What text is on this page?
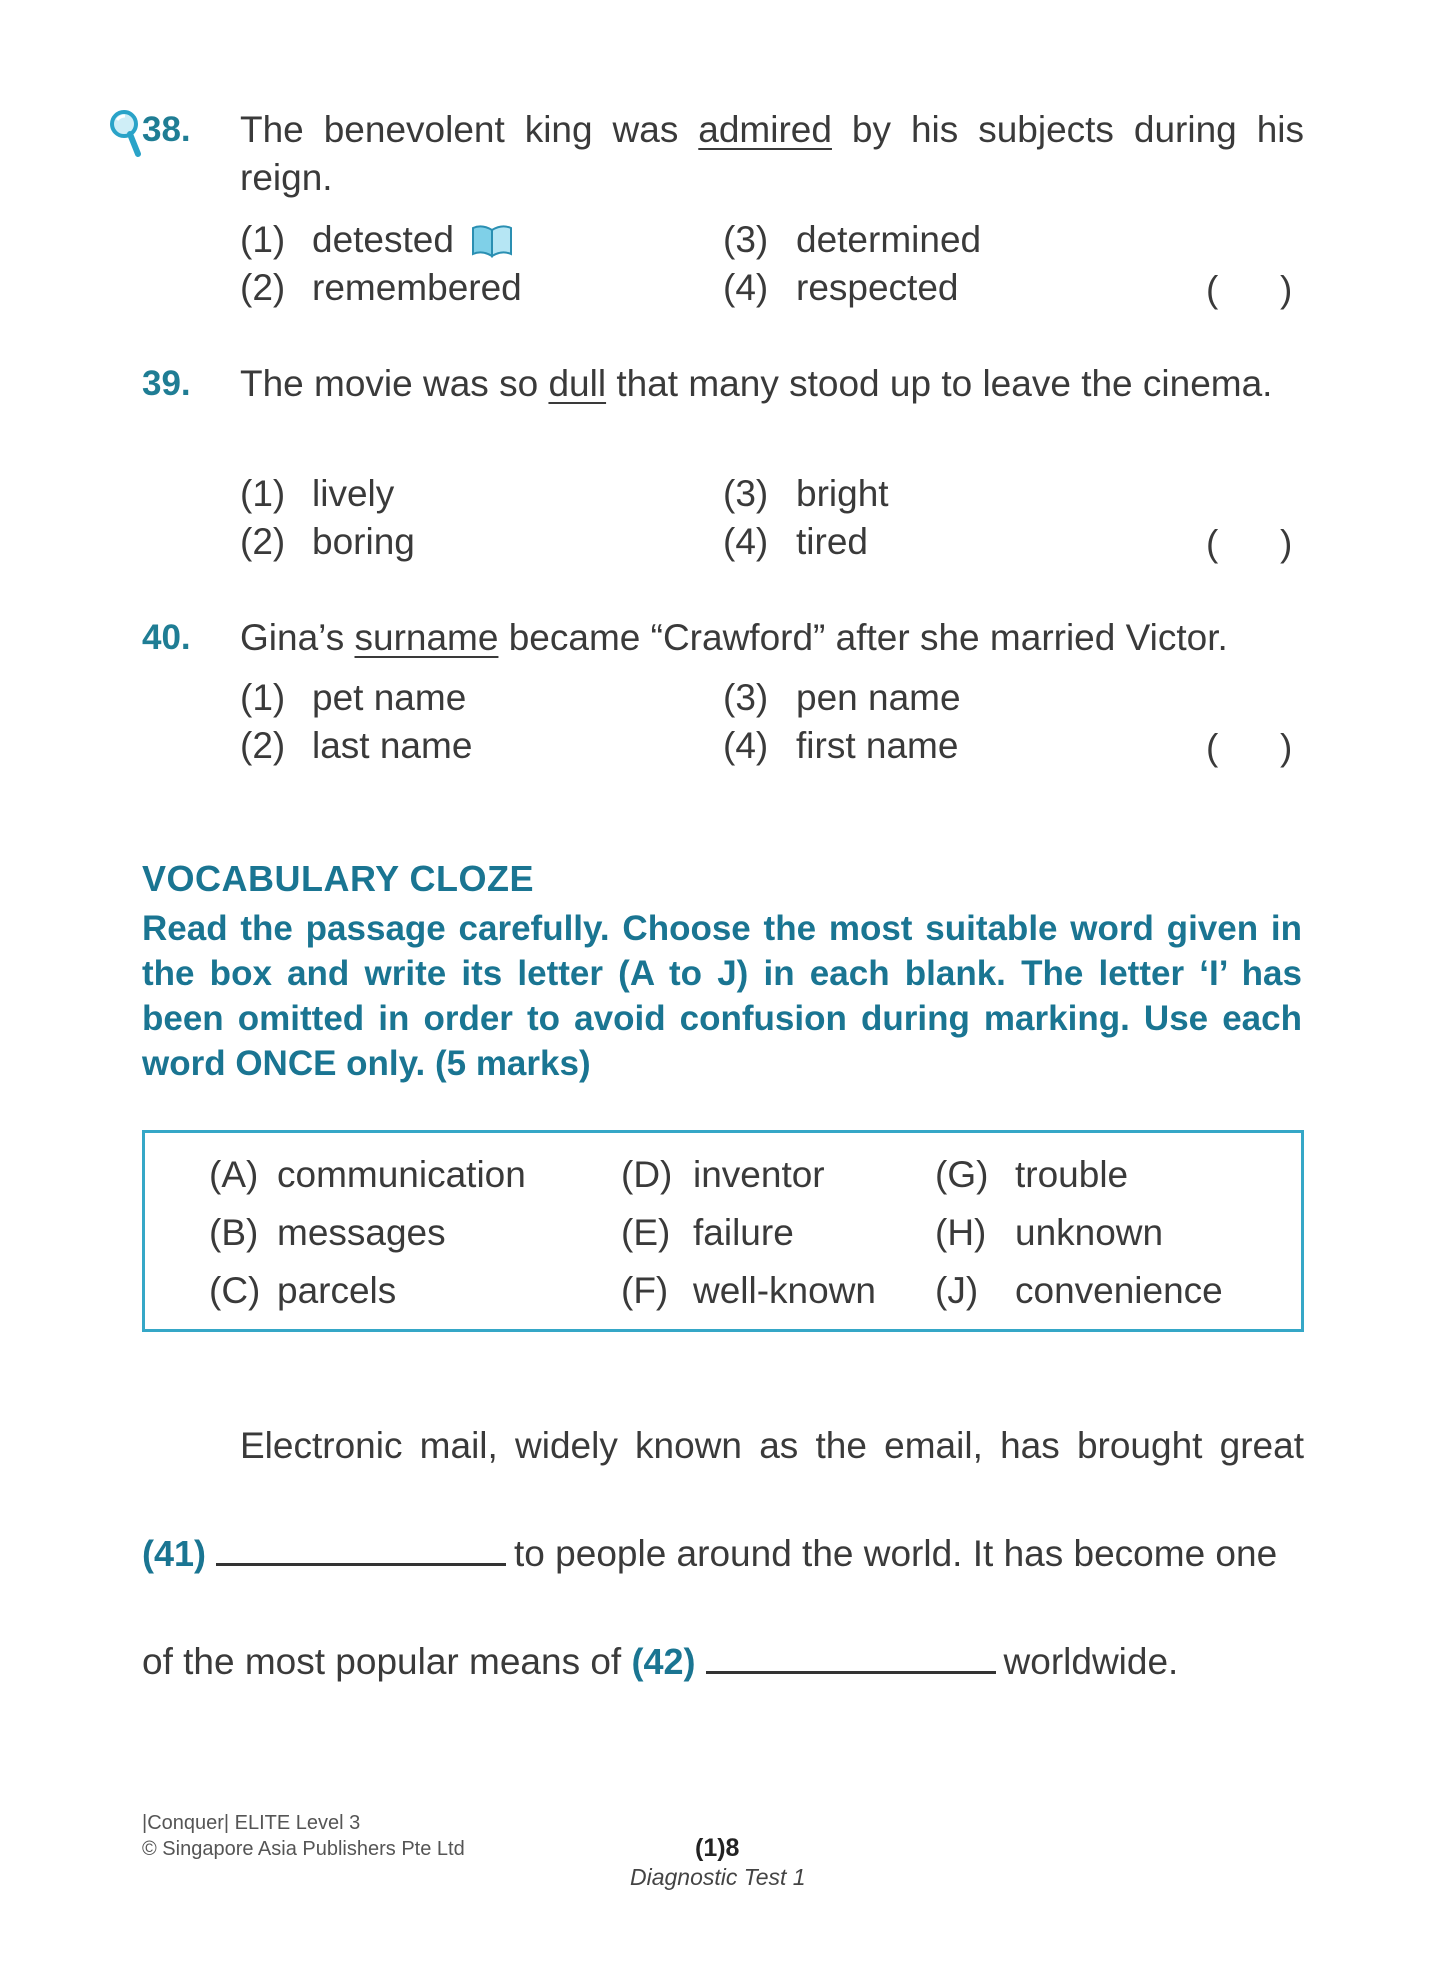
38. The benevolent king was admired by his subjects during his reign.
(1) detested
(2) remembered
(3) determined
(4) respected	(      )
39. The movie was so dull that many stood up to leave the cinema.
(1) lively
(2) boring
(3) bright
(4) tired	(      )
40. Gina’s surname became “Crawford” after she married Victor.
(1) pet name
(2) last name
(3) pen name
(4) first name	(      )
VOCABULARY CLOZE
Read the passage carefully. Choose the most suitable word given in the box and write its letter (A to J) in each blank. The letter ‘I’ has been omitted in order to avoid confusion during marking. Use each word ONCE only. (5 marks)
(A) communication
(B) messages
(C) parcels
(D) inventor
(E) failure
(F) well-known
(G) trouble
(H) unknown
(J) convenience
Electronic mail, widely known as the email, has brought great
(41)	to people around the world. It has become one
of the most popular means of (42)	worldwide.
|Conquer| ELITE Level 3
© Singapore Asia Publishers Pte Ltd	(1)8
Diagnostic Test 1
